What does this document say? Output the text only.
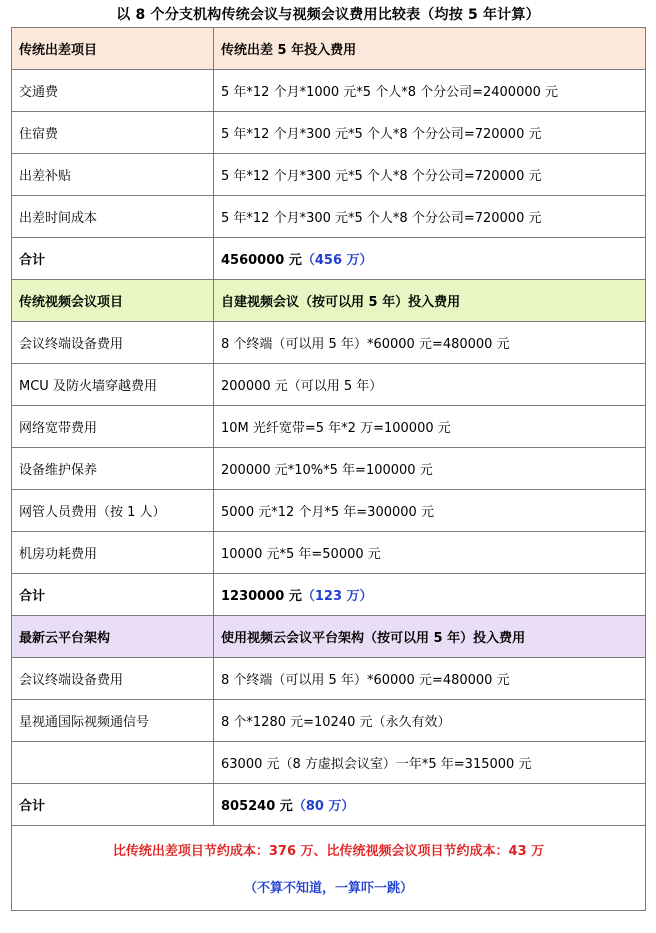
以 8 个分支机构传统会议与视频会议费用比较表（均按 5 年计算）
传统出差项目	传统出差 5 年投入费用
交通费	5 年*12 个月*1000 元*5 个人*8 个分公司=2400000 元
住宿费	5 年*12 个月*300 元*5 个人*8 个分公司=720000 元
出差补贴	5 年*12 个月*300 元*5 个人*8 个分公司=720000 元
出差时间成本	5 年*12 个月*300 元*5 个人*8 个分公司=720000 元
合计	4560000 元（456 万）
传统视频会议项目	自建视频会议（按可以用 5 年）投入费用
会议终端设备费用	8 个终端（可以用 5 年）*60000 元=480000 元
MCU 及防火墙穿越费用	200000 元（可以用 5 年）
网络宽带费用	10M 光纤宽带=5 年*2 万=100000 元
设备维护保养	200000 元*10%*5 年=100000 元
网管人员费用（按 1 人）	5000 元*12 个月*5 年=300000 元
机房功耗费用	10000 元*5 年=50000 元
合计	1230000 元（123 万）
最新云平台架构	使用视频云会议平台架构（按可以用 5 年）投入费用
会议终端设备费用	8 个终端（可以用 5 年）*60000 元=480000 元
星视通国际视频通信号	8 个*1280 元=10240 元（永久有效）
	63000 元（8 方虚拟会议室）一年*5 年=315000 元
合计	805240 元（80 万）

比传统出差项目节约成本：376 万、比传统视频会议项目节约成本：43 万
（不算不知道，一算吓一跳）	
